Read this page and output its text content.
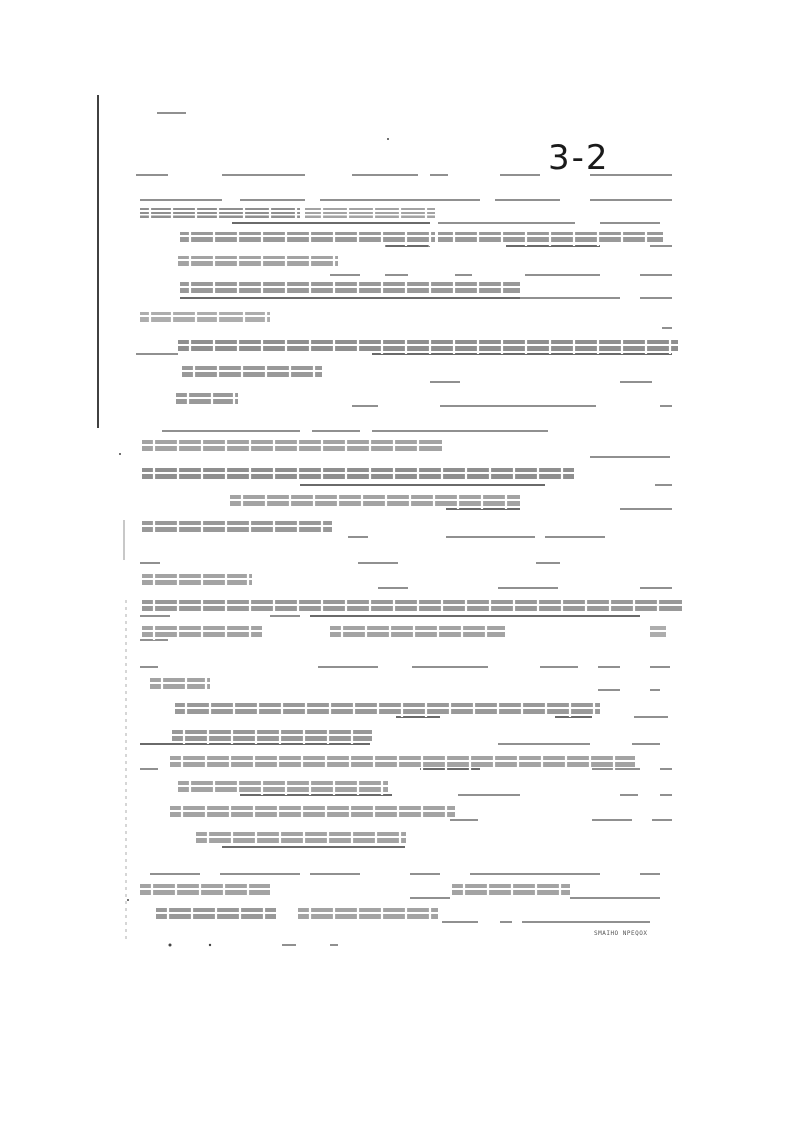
3-2
SMAIHO NPEQOX
